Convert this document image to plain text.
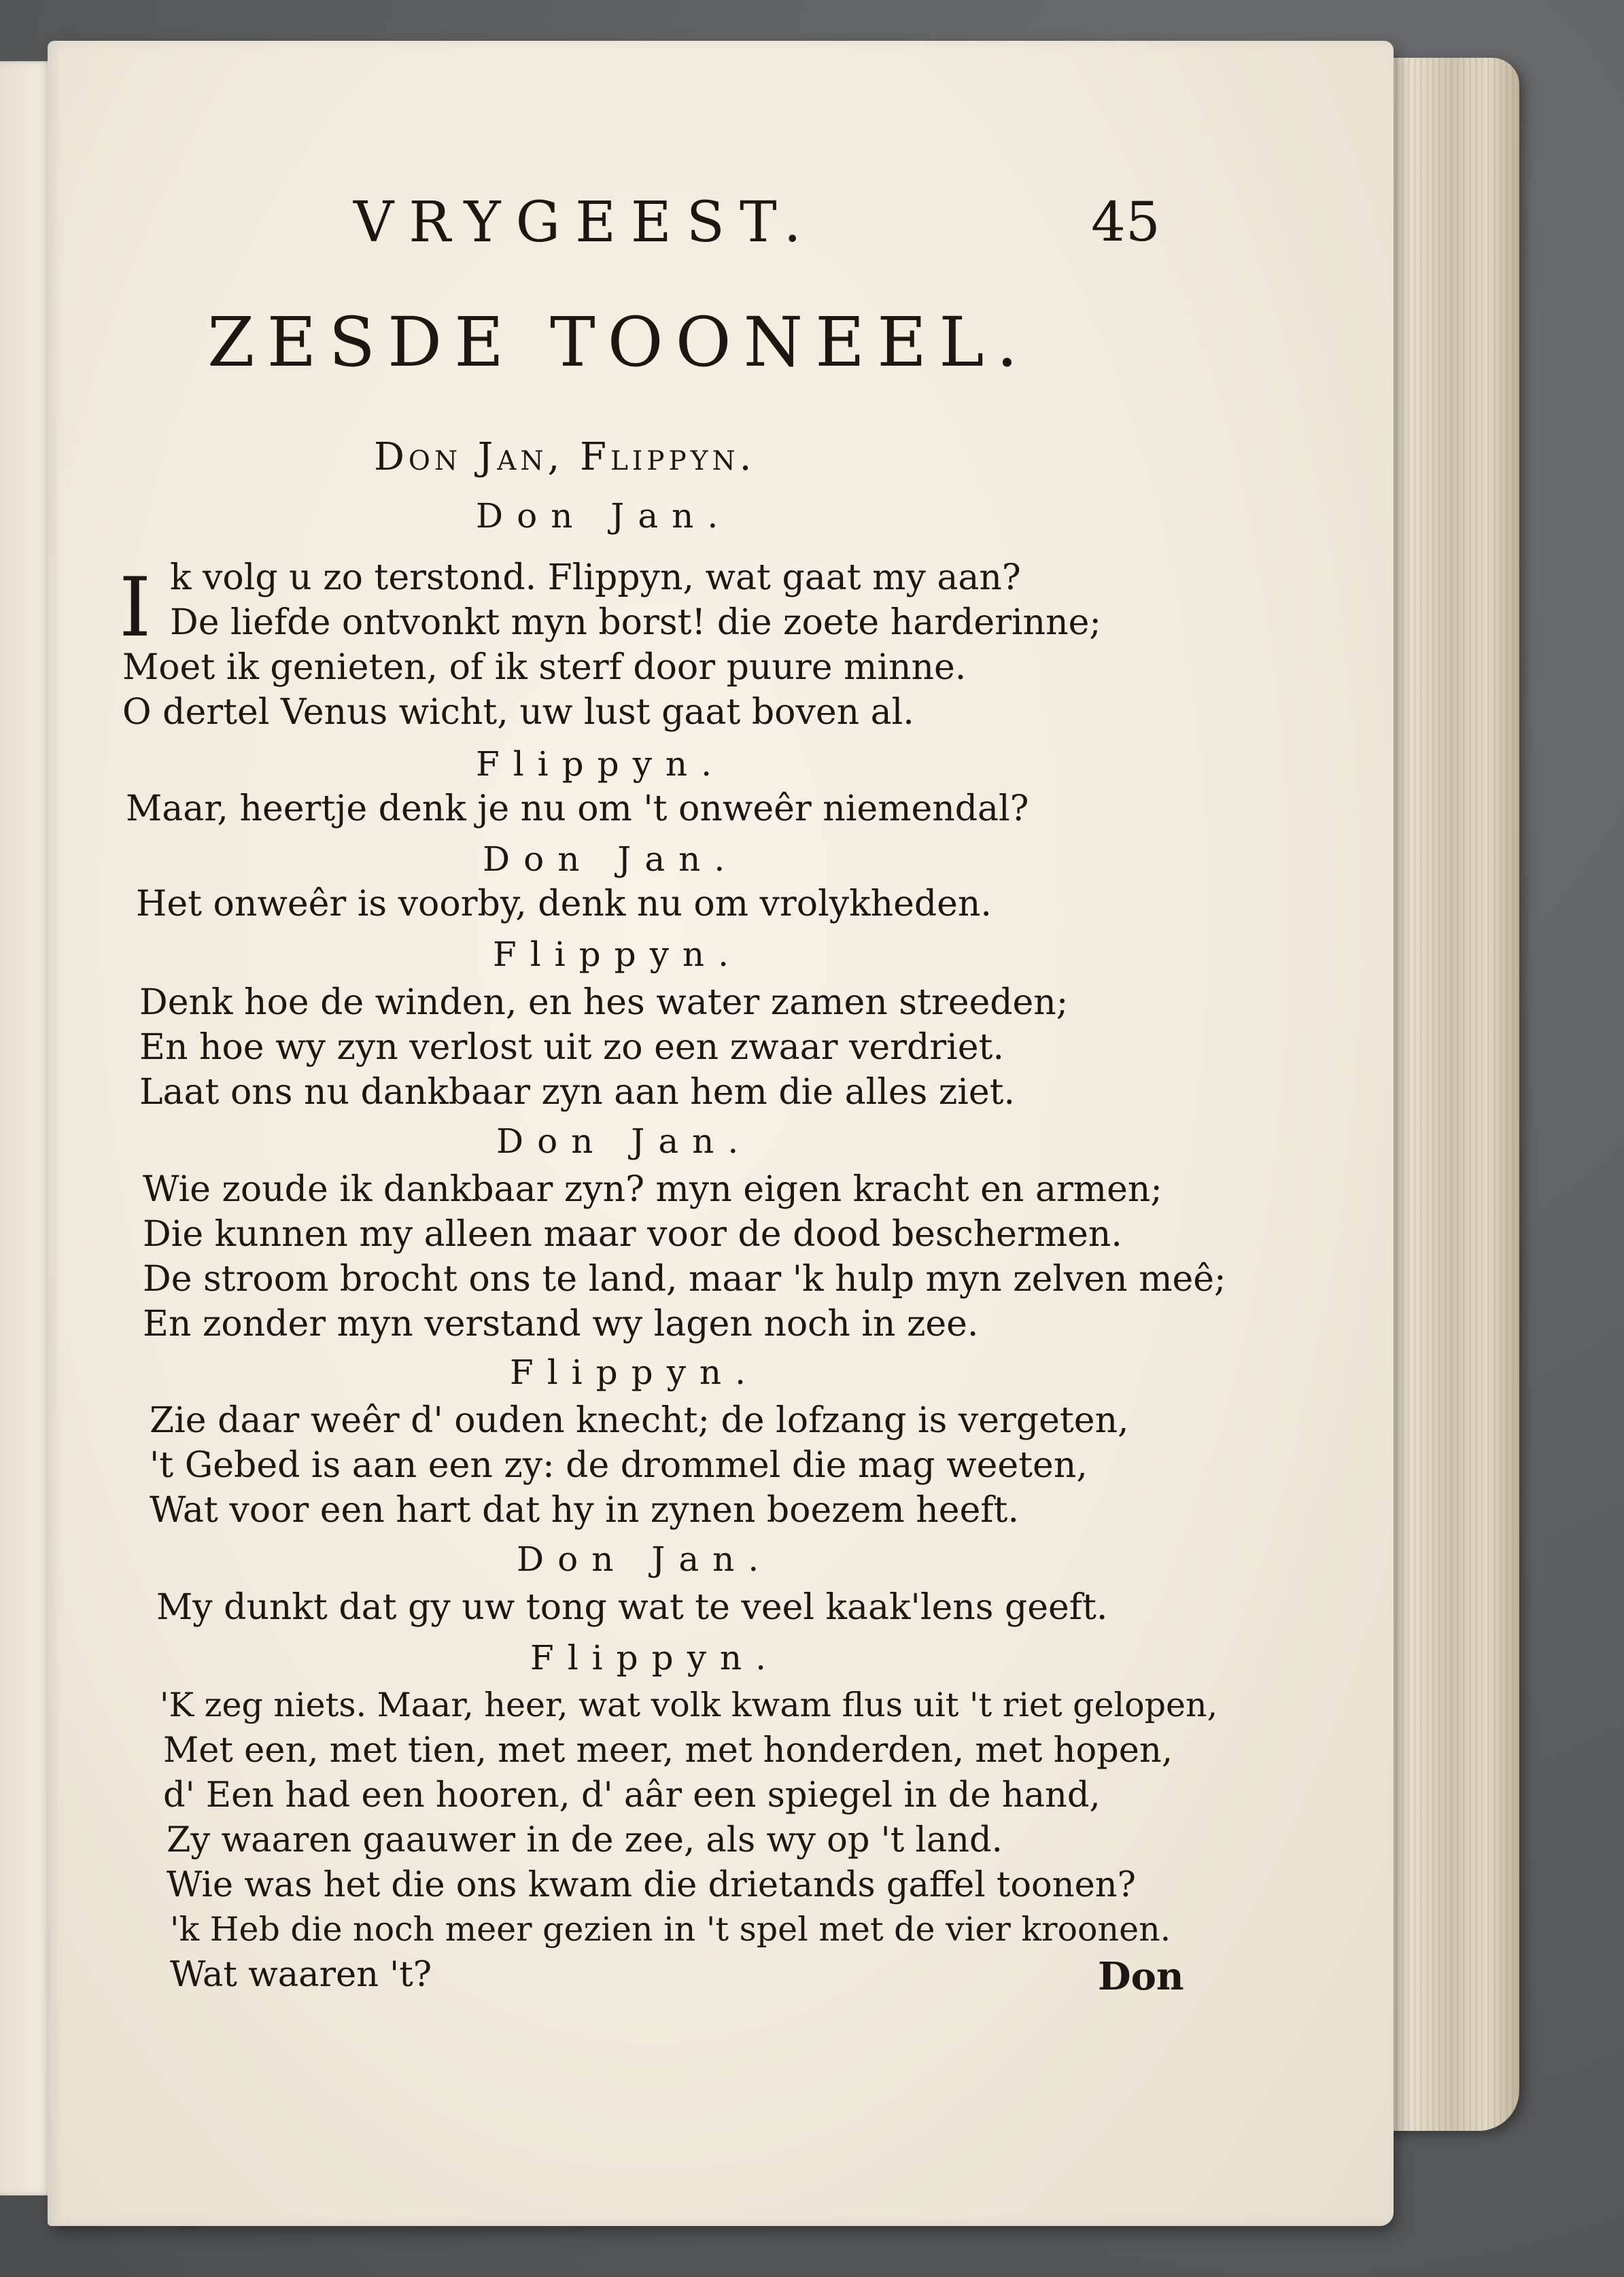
VRYGEEST.	45
ZESDE TOONEEL.
Don Jan, Flippyn.
I
Don Jan.
k volg u zo terstond. Flippyn, wat gaat my aan?
De liefde ontvonkt myn borst! die zoete harderinne;
Moet ik genieten, of ik sterf door puure minne.
O dertel Venus wicht, uw lust gaat boven al.
Flippyn.
Maar, heertje denk je nu om 't onweêr niemendal?
Don Jan.
Het onweêr is voorby, denk nu om vrolykheden.
Flippyn.
Denk hoe de winden, en hes water zamen streeden;
En hoe wy zyn verlost uit zo een zwaar verdriet.
Laat ons nu dankbaar zyn aan hem die alles ziet.
Don Jan.
Wie zoude ik dankbaar zyn? myn eigen kracht en armen;
Die kunnen my alleen maar voor de dood beschermen.
De stroom brocht ons te land, maar 'k hulp myn zelven meê;
En zonder myn verstand wy lagen noch in zee.
Flippyn.
Zie daar weêr d' ouden knecht; de lofzang is vergeten,
't Gebed is aan een zy: de drommel die mag weeten,
Wat voor een hart dat hy in zynen boezem heeft.
Don Jan.
My dunkt dat gy uw tong wat te veel kaak'lens geeft.
Flippyn.
'K zeg niets. Maar, heer, wat volk kwam flus uit 't riet gelopen,
Met een, met tien, met meer, met honderden, met hopen,
d' Een had een hooren, d' aâr een spiegel in de hand,
Zy waaren gaauwer in de zee, als wy op 't land.
Wie was het die ons kwam die drietands gaffel toonen?
'k Heb die noch meer gezien in 't spel met de vier kroonen.
Wat waaren 't?	Don
